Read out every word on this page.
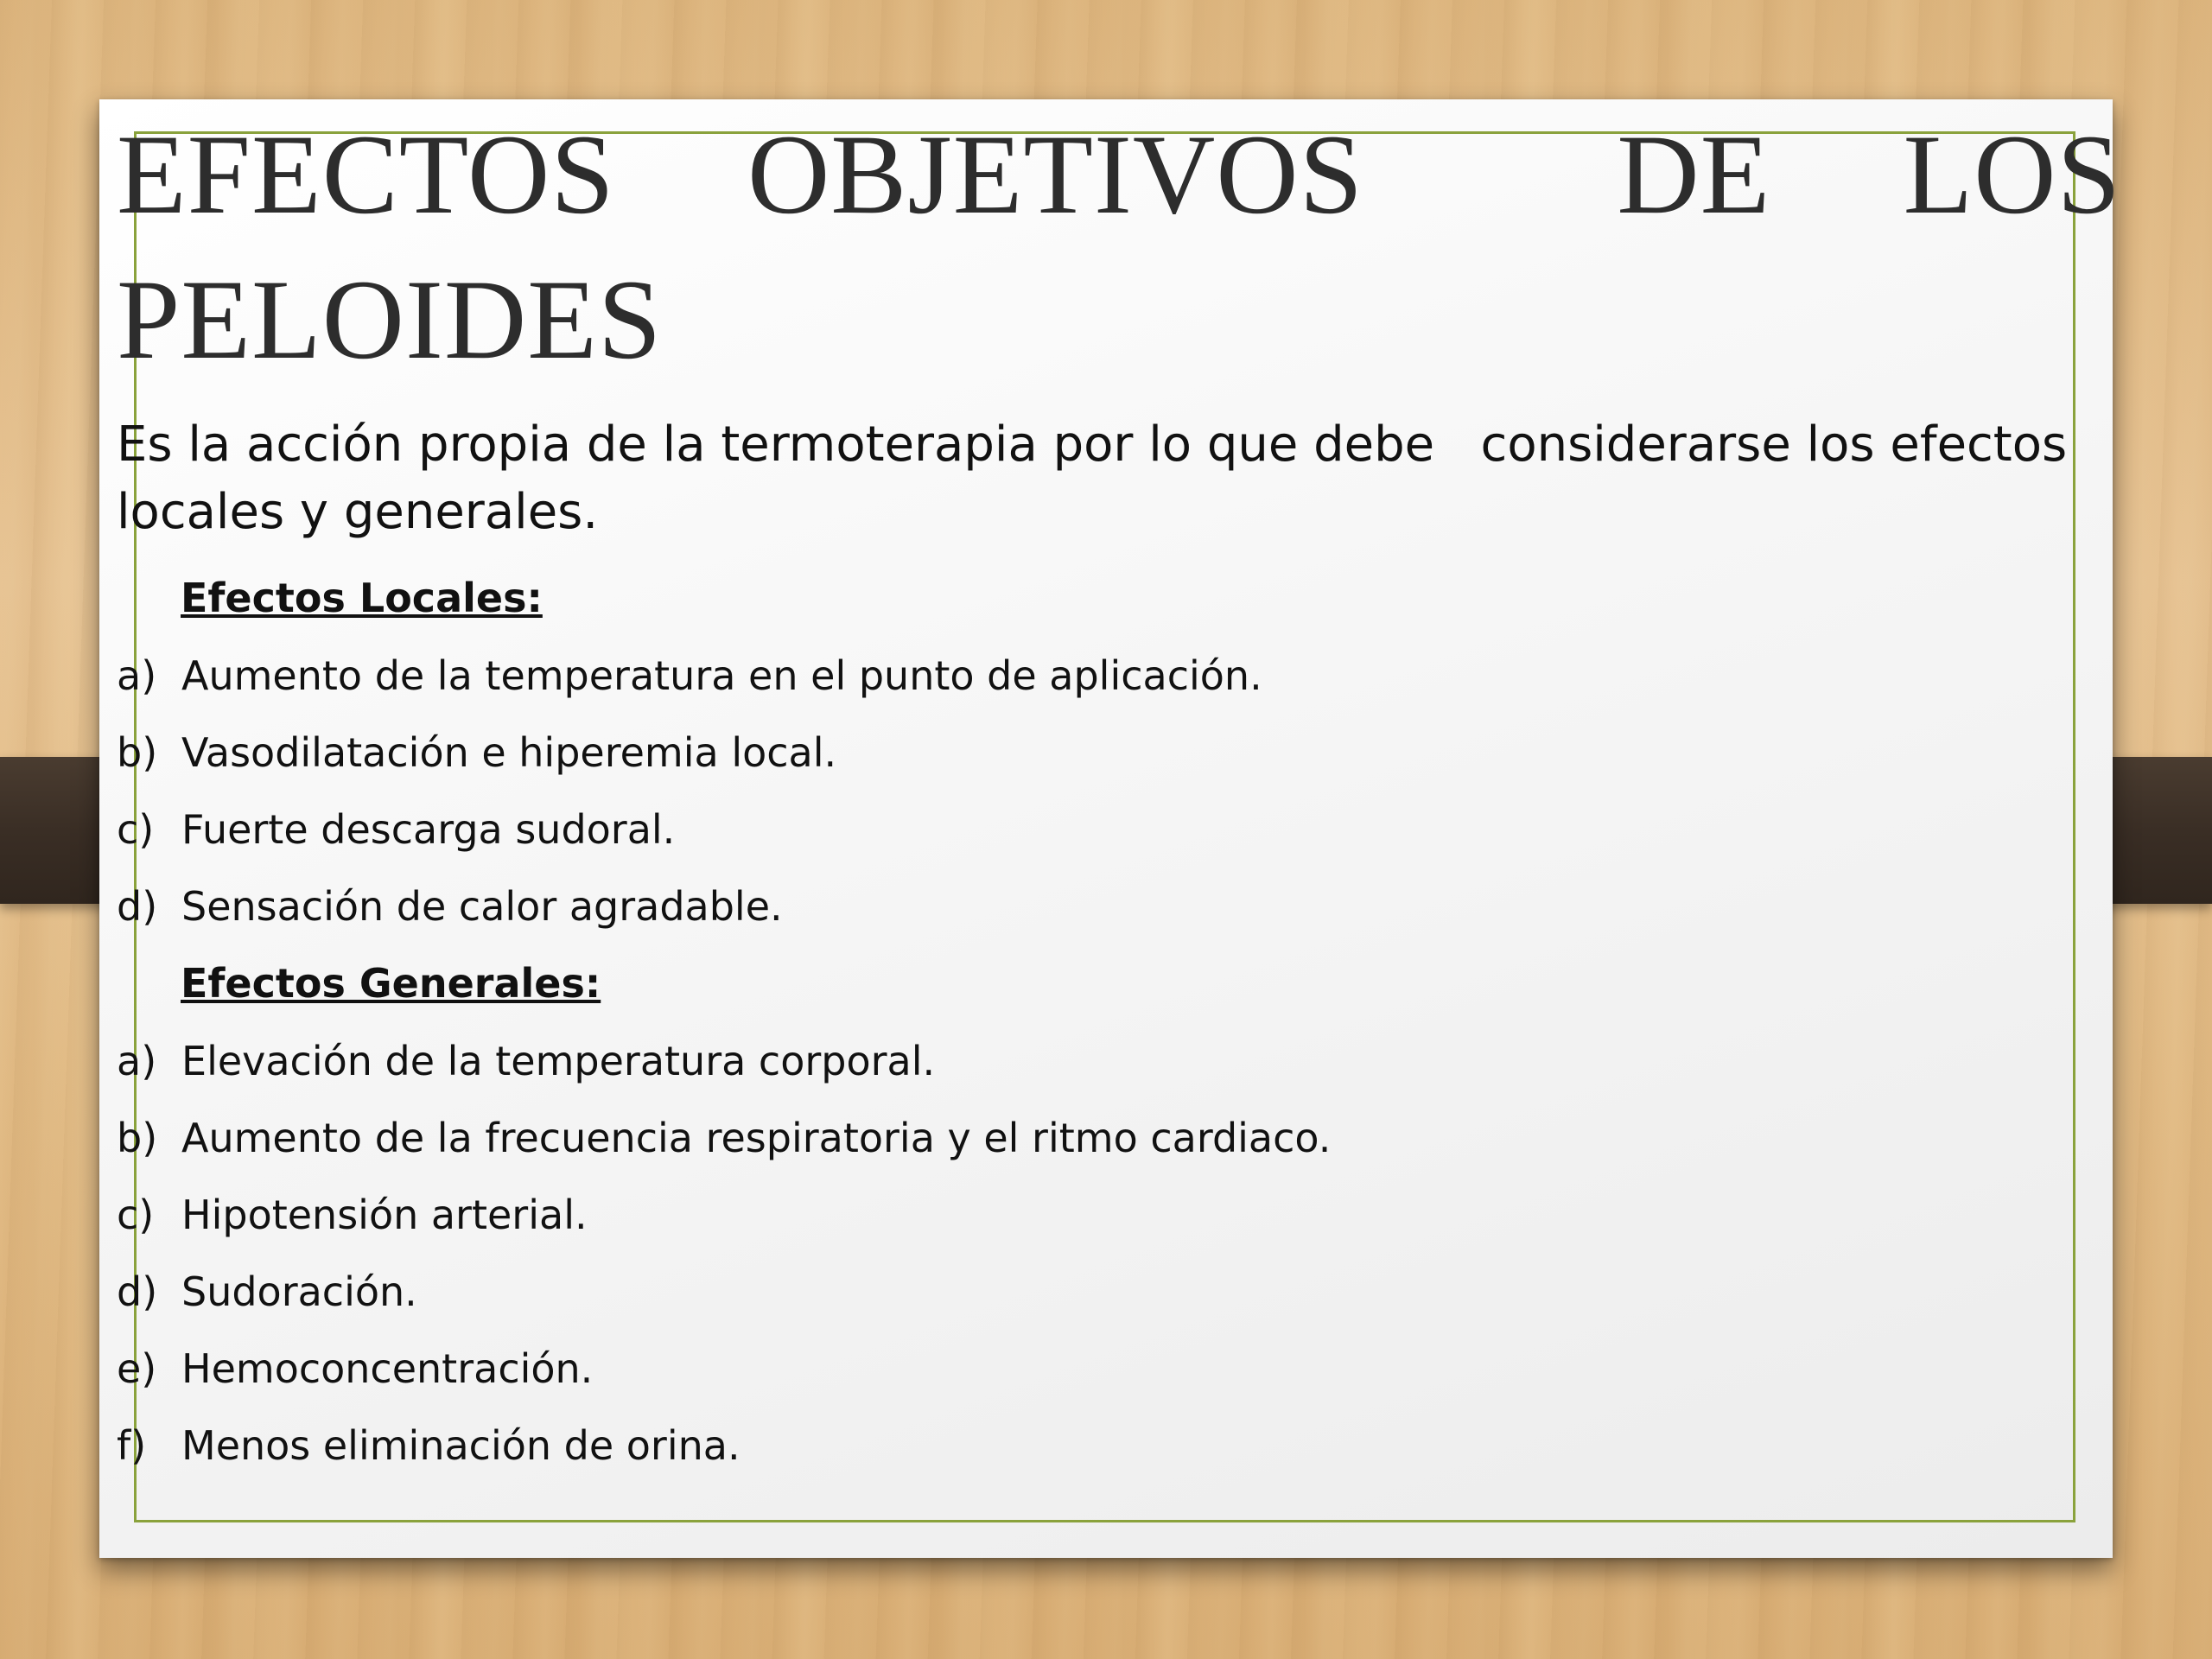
EFECTOS OBJETIVOS DE LOS
PELOIDES
Es la acción propia de la termoterapia por lo que debe   considerarse los efectos
locales y generales.
Efectos Locales:
a) Aumento de la temperatura en el punto de aplicación.
b) Vasodilatación e hiperemia local.
c) Fuerte descarga sudoral.
d) Sensación de calor agradable.
Efectos Generales:
a) Elevación de la temperatura corporal.
b) Aumento de la frecuencia respiratoria y el ritmo cardiaco.
c) Hipotensión arterial.
d) Sudoración.
e) Hemoconcentración.
f) Menos eliminación de orina.
